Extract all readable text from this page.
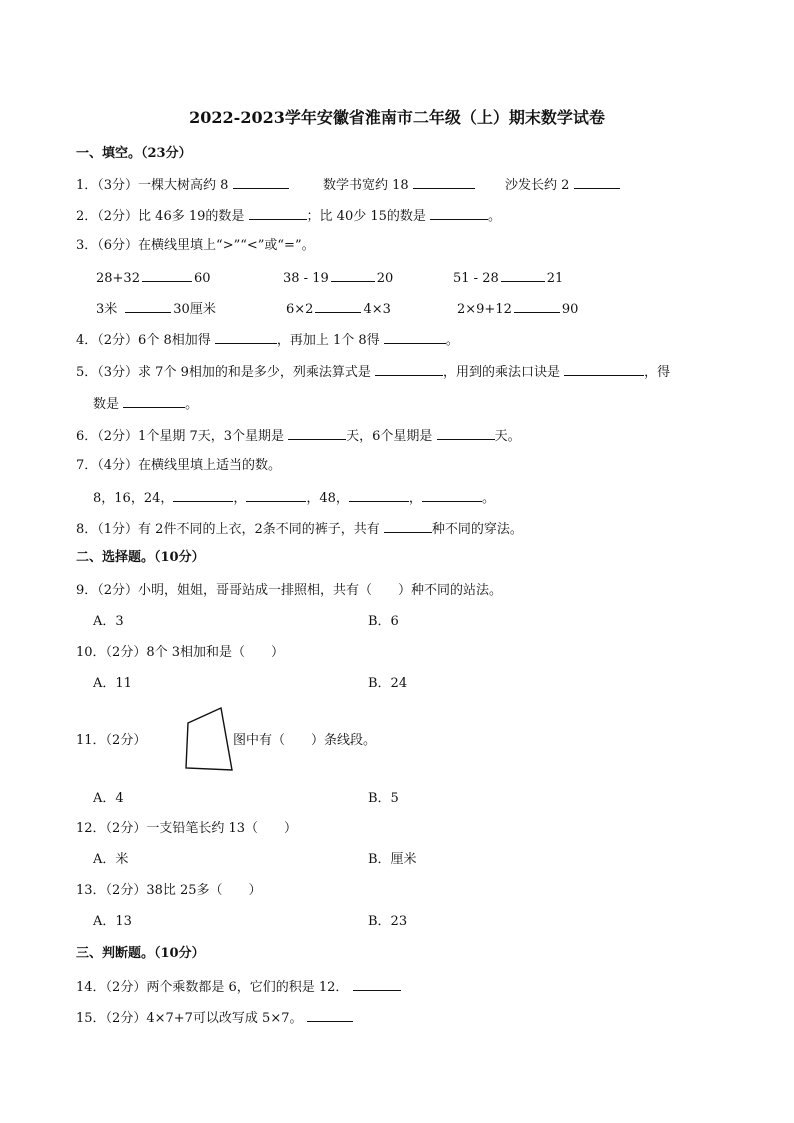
2022-2023学年安徽省淮南市二年级（上）期末数学试卷
一、填空。（23分）
1．（3分）一棵大树高约 8	数学书宽约 18	沙发长约 2
2．（2分）比 46多 19的数是	；比 40少 15的数是	。
3．（6分）在横线里填上“>”“<”或“=”。
28+32	60	38 - 19	20	51 - 28	21
3米	30厘米	6×2	4×3	2×9+12	90
4．（2分）6个 8相加得	，再加上 1个 8得	。
5．（3分）求 7个 9相加的和是多少，列乘法算式是	，用到的乘法口诀是	，得
数是	。
6．（2分）1个星期 7天，3个星期是	天，6个星期是	天。
7．（4分）在横线里填上适当的数。
8，16，24，	，	，48，	，	。
8．（1分）有 2件不同的上衣，2条不同的裤子，共有	种不同的穿法。
二、选择题。（10分）
9．（2分）小明，姐姐，哥哥站成一排照相，共有（　　）种不同的站法。
A．3	B．6
10．（2分）8个 3相加和是（　　）
A．11	B．24
11．（2分）	图中有（　　）条线段。
A．4	B．5
12．（2分）一支铅笔长约 13（　　）
A．米	B．厘米
13．（2分）38比 25多（　　）
A．13	B．23
三、判断题。（10分）
14．（2分）两个乘数都是 6，它们的积是 12．
15．（2分）4×7+7可以改写成 5×7。
